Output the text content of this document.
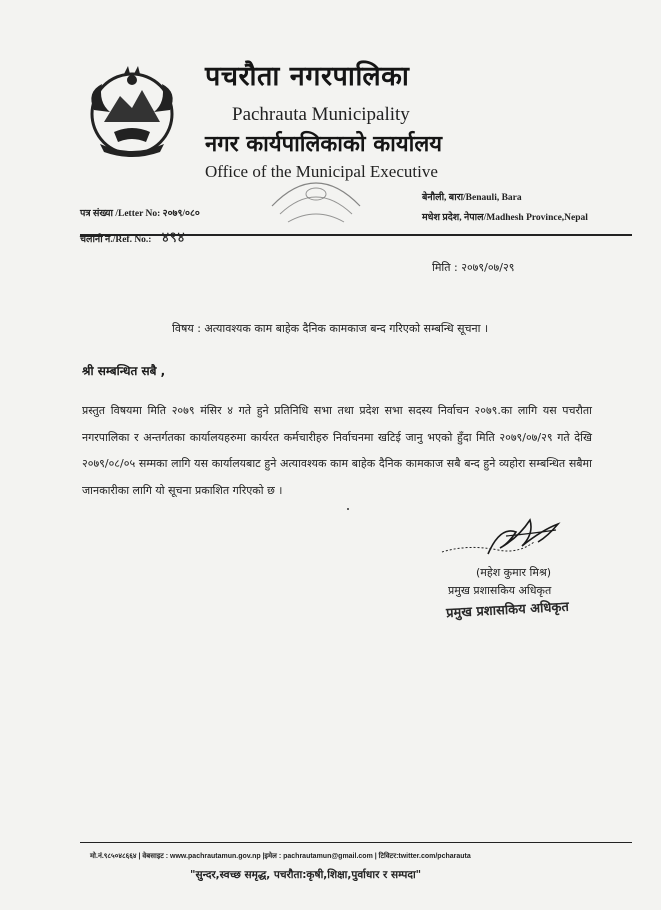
पचरौता नगरपालिका
Pachrauta Municipality
नगर कार्यपालिकाको कार्यालय
Office of the Municipal Executive
बेनौली, बारा/Benauli, Bara
मधेश प्रदेश, नेपाल/Madhesh Province,Nepal
पत्र संख्या /Letter No: २०७९/०८०
चलानी नं./Ref. No.: ४९४
मिति : २०७९/०७/२९
विषय : अत्यावश्यक काम बाहेक दैनिक कामकाज बन्द गरिएको सम्बन्धि सूचना ।
श्री सम्बन्धित सबै ,
प्रस्तुत विषयमा मिति २०७९ मंसिर ४ गते हुने प्रतिनिधि सभा तथा प्रदेश सभा सदस्य निर्वाचन २०७९.का लागि यस पचरौता नगरपालिका र अन्तर्गतका कार्यालयहरुमा कार्यरत कर्मचारीहरु निर्वाचनमा खटिई जानु भएको हुँदा मिति २०७९/०७/२९ गते देखि २०७९/०८/०५ सम्मका लागि यस कार्यालयबाट हुने अत्यावश्यक काम बाहेक दैनिक कामकाज सबै बन्द हुने व्यहोरा सम्बन्धित सबैमा जानकारीका लागि यो सूचना प्रकाशित गरिएको छ ।
(महेश कुमार मिश्र)
प्रमुख प्रशासकिय अधिकृत
प्रमुख प्रशासकिय अधिकृत
मो.नं.९८५०४८६६४ | वेबसाइट : www.pachrautamun.gov.np |इमेल : pachrautamun@gmail.com | टिविटर:twitter.com/pcharauta
"सुन्दर,स्वच्छ समृद्ध, पचरौता:कृषी,शिक्षा,पुर्वाधार र सम्पदा"
